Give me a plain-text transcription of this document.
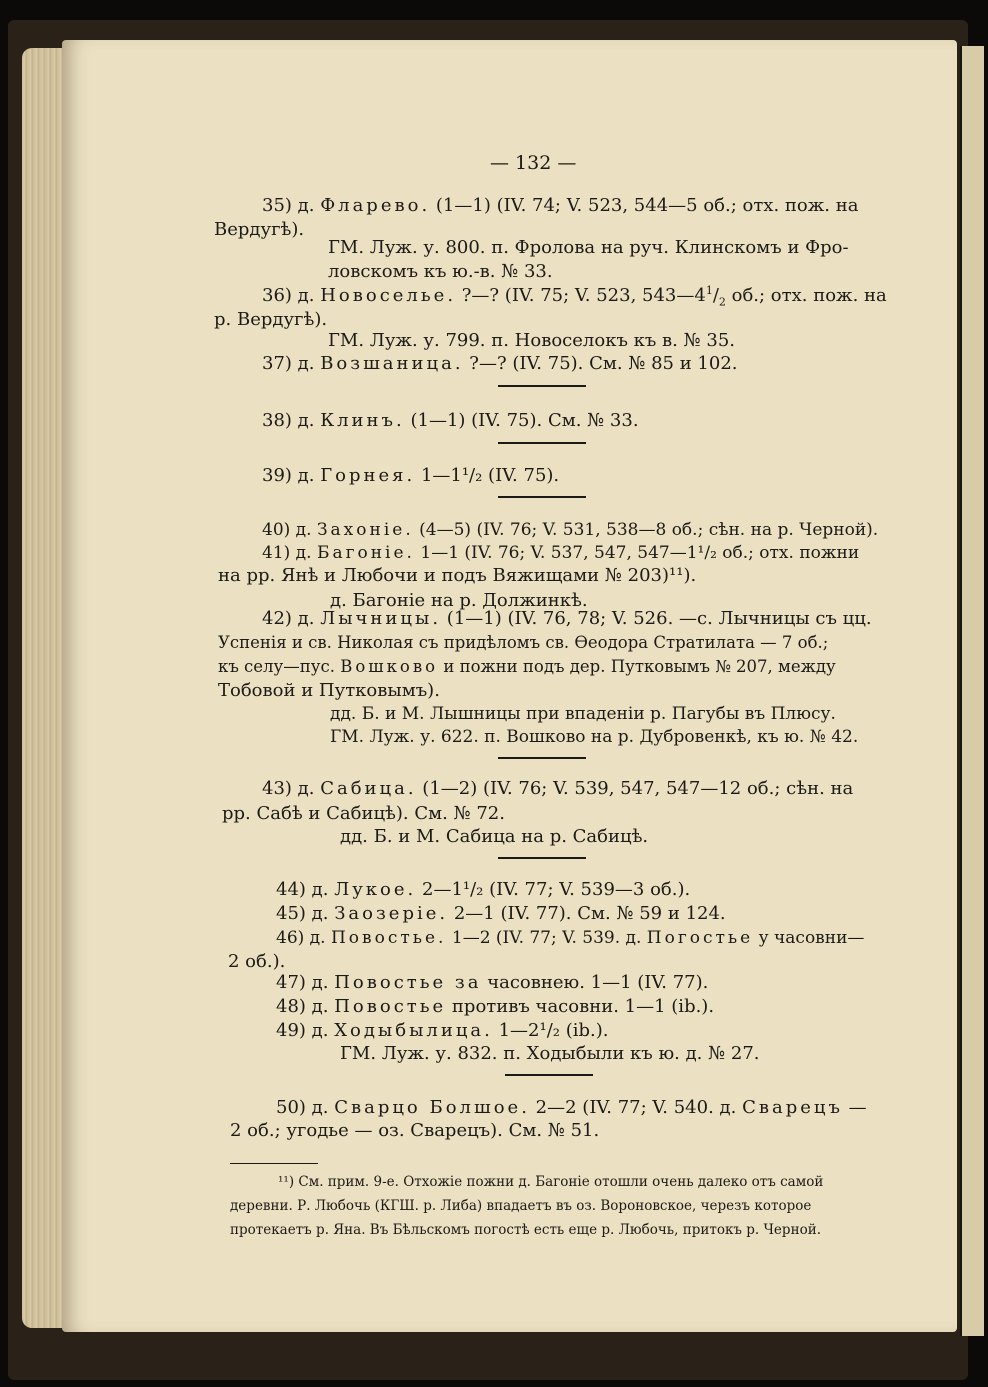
— 132 —
35) д. Фларево. (1—1) (IV. 74; V. 523, 544—5 об.; отх. пож. на
Вердугѣ).
ГМ. Луж. у. 800. п. Фролова на руч. Клинскомъ и Фро-
ловскомъ къ ю.-в. № 33.
36) д. Новоселье. ?—? (IV. 75; V. 523, $543—4^1/_2$ об.; отх. пож. на
р. Вердугѣ).
ГМ. Луж. у. 799. п. Новоселокъ къ в. № 35.
37) д. Возшаница. ?—? (IV. 75). См. № 85 и 102.
38) д. Клинъ. (1—1) (IV. 75). См. № 33.
39) д. Горнея. 1—1¹/₂ (IV. 75).
40) д. Захоніе. (4—5) (IV. 76; V. 531, 538—8 об.; сѣн. на р. Черной).
41) д. Багоніе. 1—1 (IV. 76; V. 537, 547, 547—1¹/₂ об.; отх. пожни
на рр. Янѣ и Любочи и подъ Вяжищами № 203)¹¹).
д. Багоніе на р. Должинкѣ.
42) д. Лычницы. (1—1) (IV. 76, 78; V. 526. —с. Лычницы съ цц.
Успенія и св. Николая съ придѣломъ св. Ѳеодора Стратилата — 7 об.;
къ селу—пус. Вошково и пожни подъ дер. Путковымъ № 207, между
Тобовой и Путковымъ).
дд. Б. и М. Лышницы при впаденіи р. Пагубы въ Плюсу.
ГМ. Луж. у. 622. п. Вошково на р. Дубровенкѣ, къ ю. № 42.
43) д. Сабица. (1—2) (IV. 76; V. 539, 547, 547—12 об.; сѣн. на
рр. Сабѣ и Сабицѣ). См. № 72.
дд. Б. и М. Сабица на р. Сабицѣ.
44) д. Лукое. 2—1¹/₂ (IV. 77; V. 539—3 об.).
45) д. Заозеріе. 2—1 (IV. 77). См. № 59 и 124.
46) д. Повостье. 1—2 (IV. 77; V. 539. д. Погостье у часовни—
2 об.).
47) д. Повостье за часовнею. 1—1 (IV. 77).
48) д. Повостье противъ часовни. 1—1 (ib.).
49) д. Ходыбылица. 1—2¹/₂ (ib.).
ГМ. Луж. у. 832. п. Ходыбыли къ ю. д. № 27.
50) д. Сварцо Болшое. 2—2 (IV. 77; V. 540. д. Сварецъ —
2 об.; угодье — оз. Сварецъ). См. № 51.
¹¹) См. прим. 9-е. Отхожіе пожни д. Багоніе отошли очень далеко отъ самой
деревни. Р. Любочь (КГШ. р. Либа) впадаетъ въ оз. Вороновское, черезъ которое
протекаетъ р. Яна. Въ Бѣльскомъ погостѣ есть еще р. Любочь, притокъ р. Черной.
